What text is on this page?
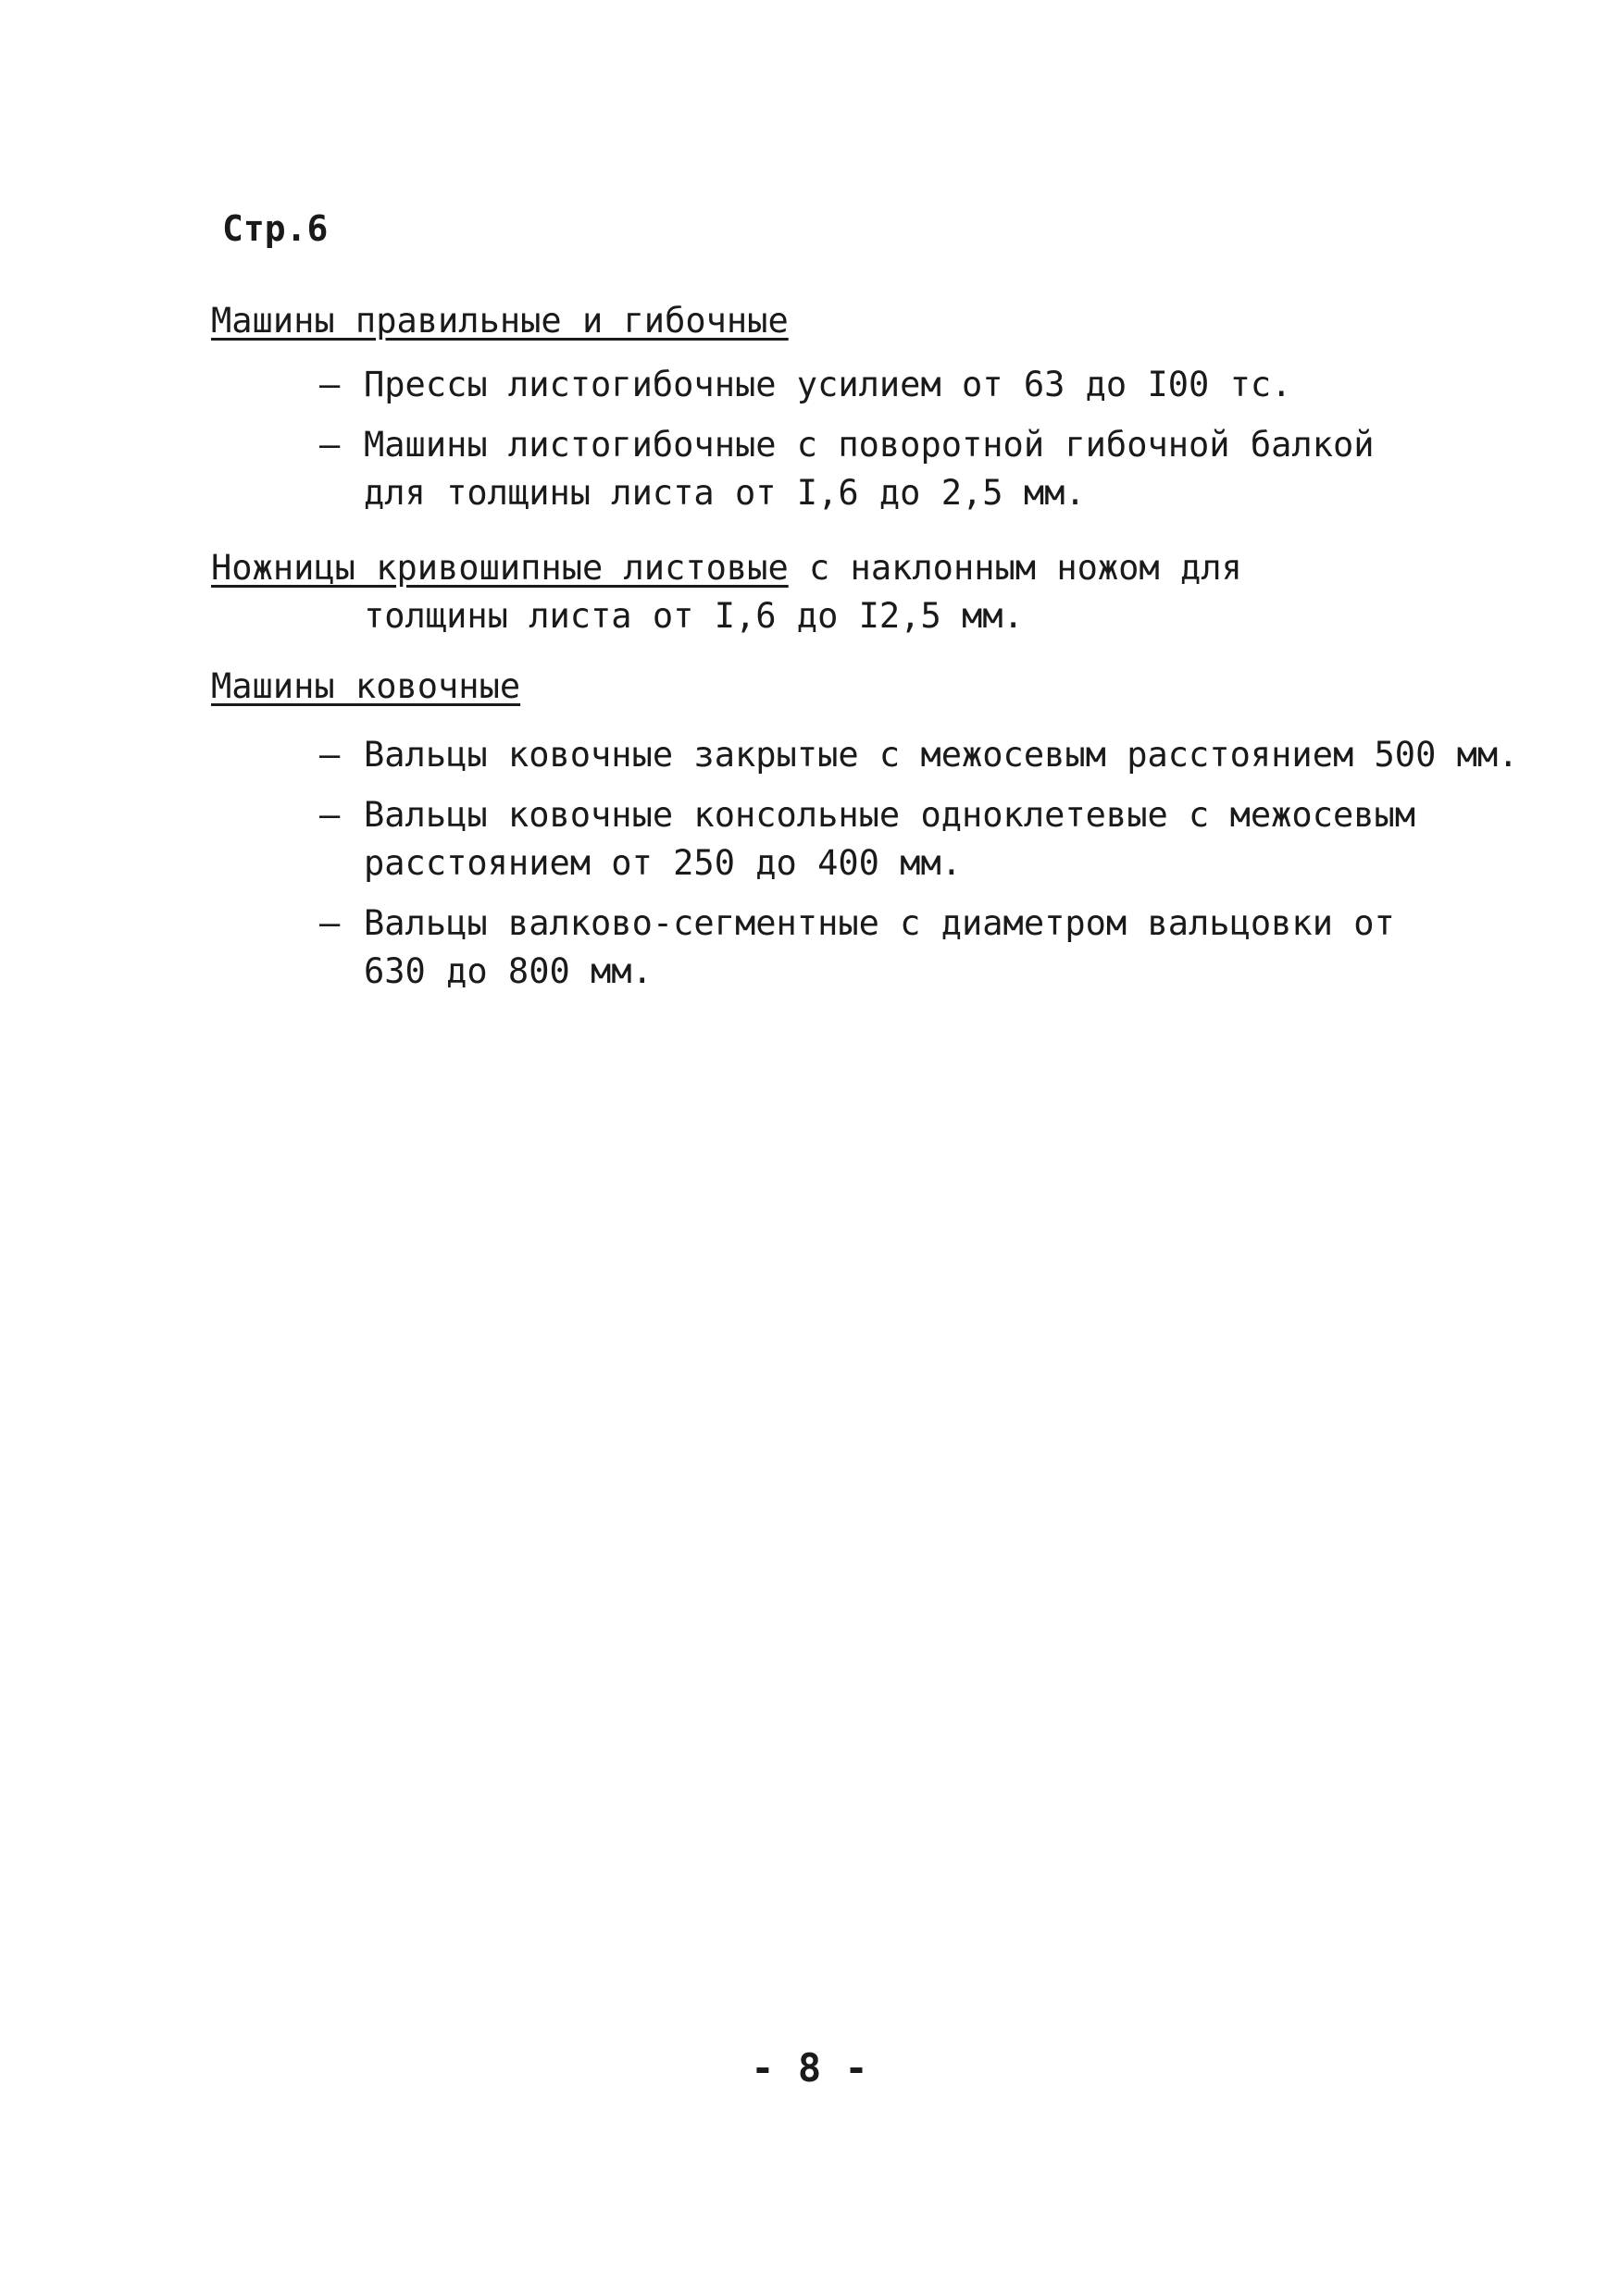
Стр.6
Машины правильные и гибочные
– Прессы листогибочные усилием от 63 до I00 тс.
– Машины листогибочные с поворотной гибочной балкой
для толщины листа от I,6 до 2,5 мм.
Ножницы кривошипные листовые с наклонным ножом для
толщины листа от I,6 до I2,5 мм.
Машины ковочные
– Вальцы ковочные закрытые с межосевым расстоянием 500 мм.
– Вальцы ковочные консольные одноклетевые с межосевым
расстоянием от 250 до 400 мм.
– Вальцы валково-сегментные с диаметром вальцовки от
630 до 800 мм.
- 8 -
